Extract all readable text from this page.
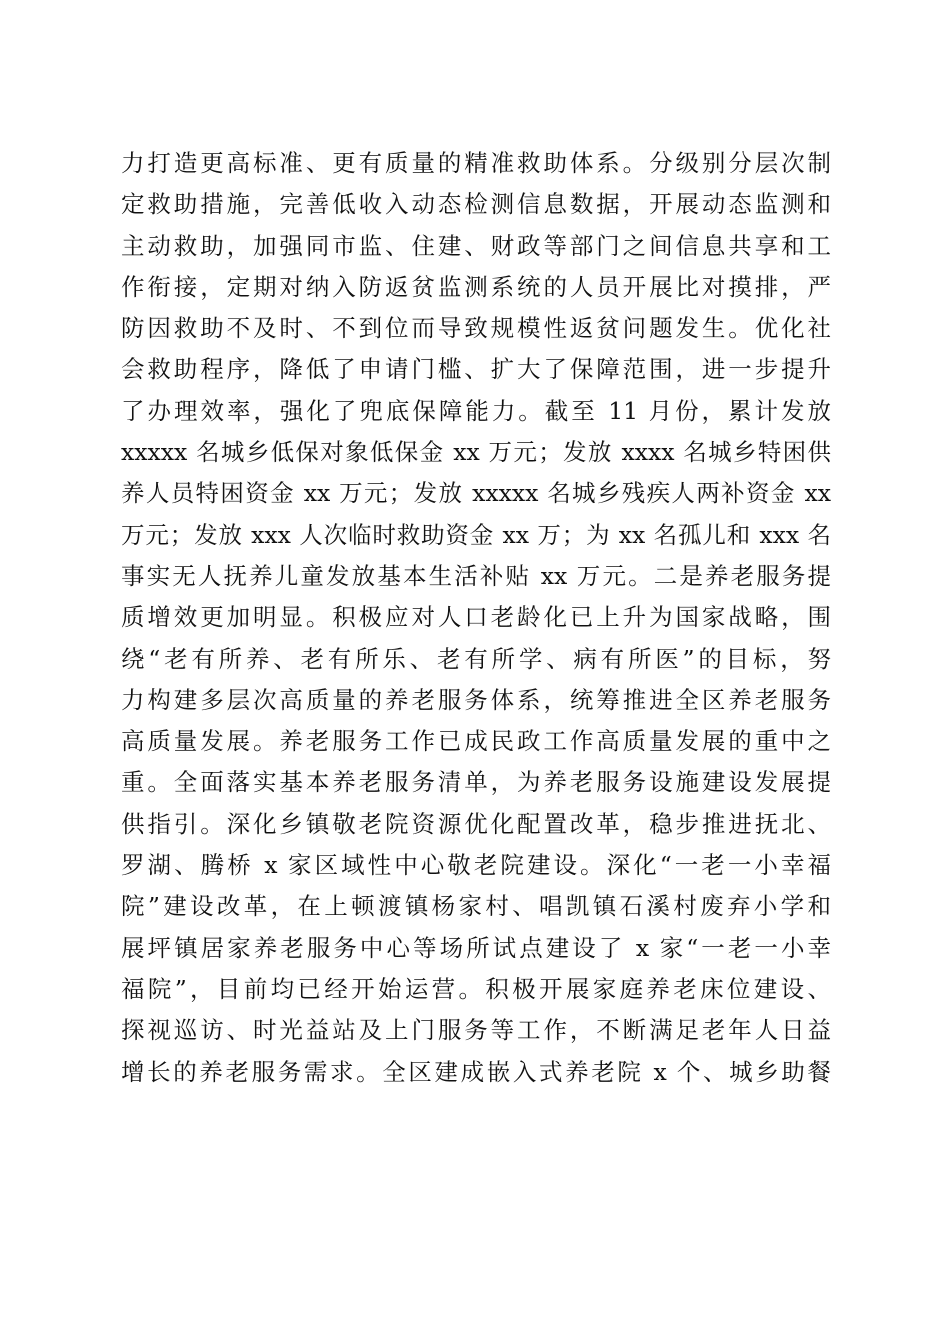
力打造更高标准、更有质量的精准救助体系。分级别分层次制
定救助措施，完善低收入动态检测信息数据，开展动态监测和
主动救助，加强同市监、住建、财政等部门之间信息共享和工
作衔接，定期对纳入防返贫监测系统的人员开展比对摸排，严
防因救助不及时、不到位而导致规模性返贫问题发生。优化社
会救助程序，降低了申请门槛、扩大了保障范围，进一步提升
了办理效率，强化了兜底保障能力。截至 11 月份，累计发放
xxxxx 名城乡低保对象低保金 xx 万元；发放 xxxx 名城乡特困供
养人员特困资金 xx 万元；发放 xxxxx 名城乡残疾人两补资金 xx
万元；发放 xxx 人次临时救助资金 xx 万；为 xx 名孤儿和 xxx 名
事实无人抚养儿童发放基本生活补贴 xx 万元。二是养老服务提
质增效更加明显。积极应对人口老龄化已上升为国家战略，围
绕“老有所养、老有所乐、老有所学、病有所医”的目标，努
力构建多层次高质量的养老服务体系，统筹推进全区养老服务
高质量发展。养老服务工作已成民政工作高质量发展的重中之
重。全面落实基本养老服务清单，为养老服务设施建设发展提
供指引。深化乡镇敬老院资源优化配置改革，稳步推进抚北、
罗湖、腾桥 x 家区域性中心敬老院建设。深化“一老一小幸福
院”建设改革，在上顿渡镇杨家村、唱凯镇石溪村废弃小学和
展坪镇居家养老服务中心等场所试点建设了 x 家“一老一小幸
福院”，目前均已经开始运营。积极开展家庭养老床位建设、
探视巡访、时光益站及上门服务等工作，不断满足老年人日益
增长的养老服务需求。全区建成嵌入式养老院 x 个、城乡助餐
